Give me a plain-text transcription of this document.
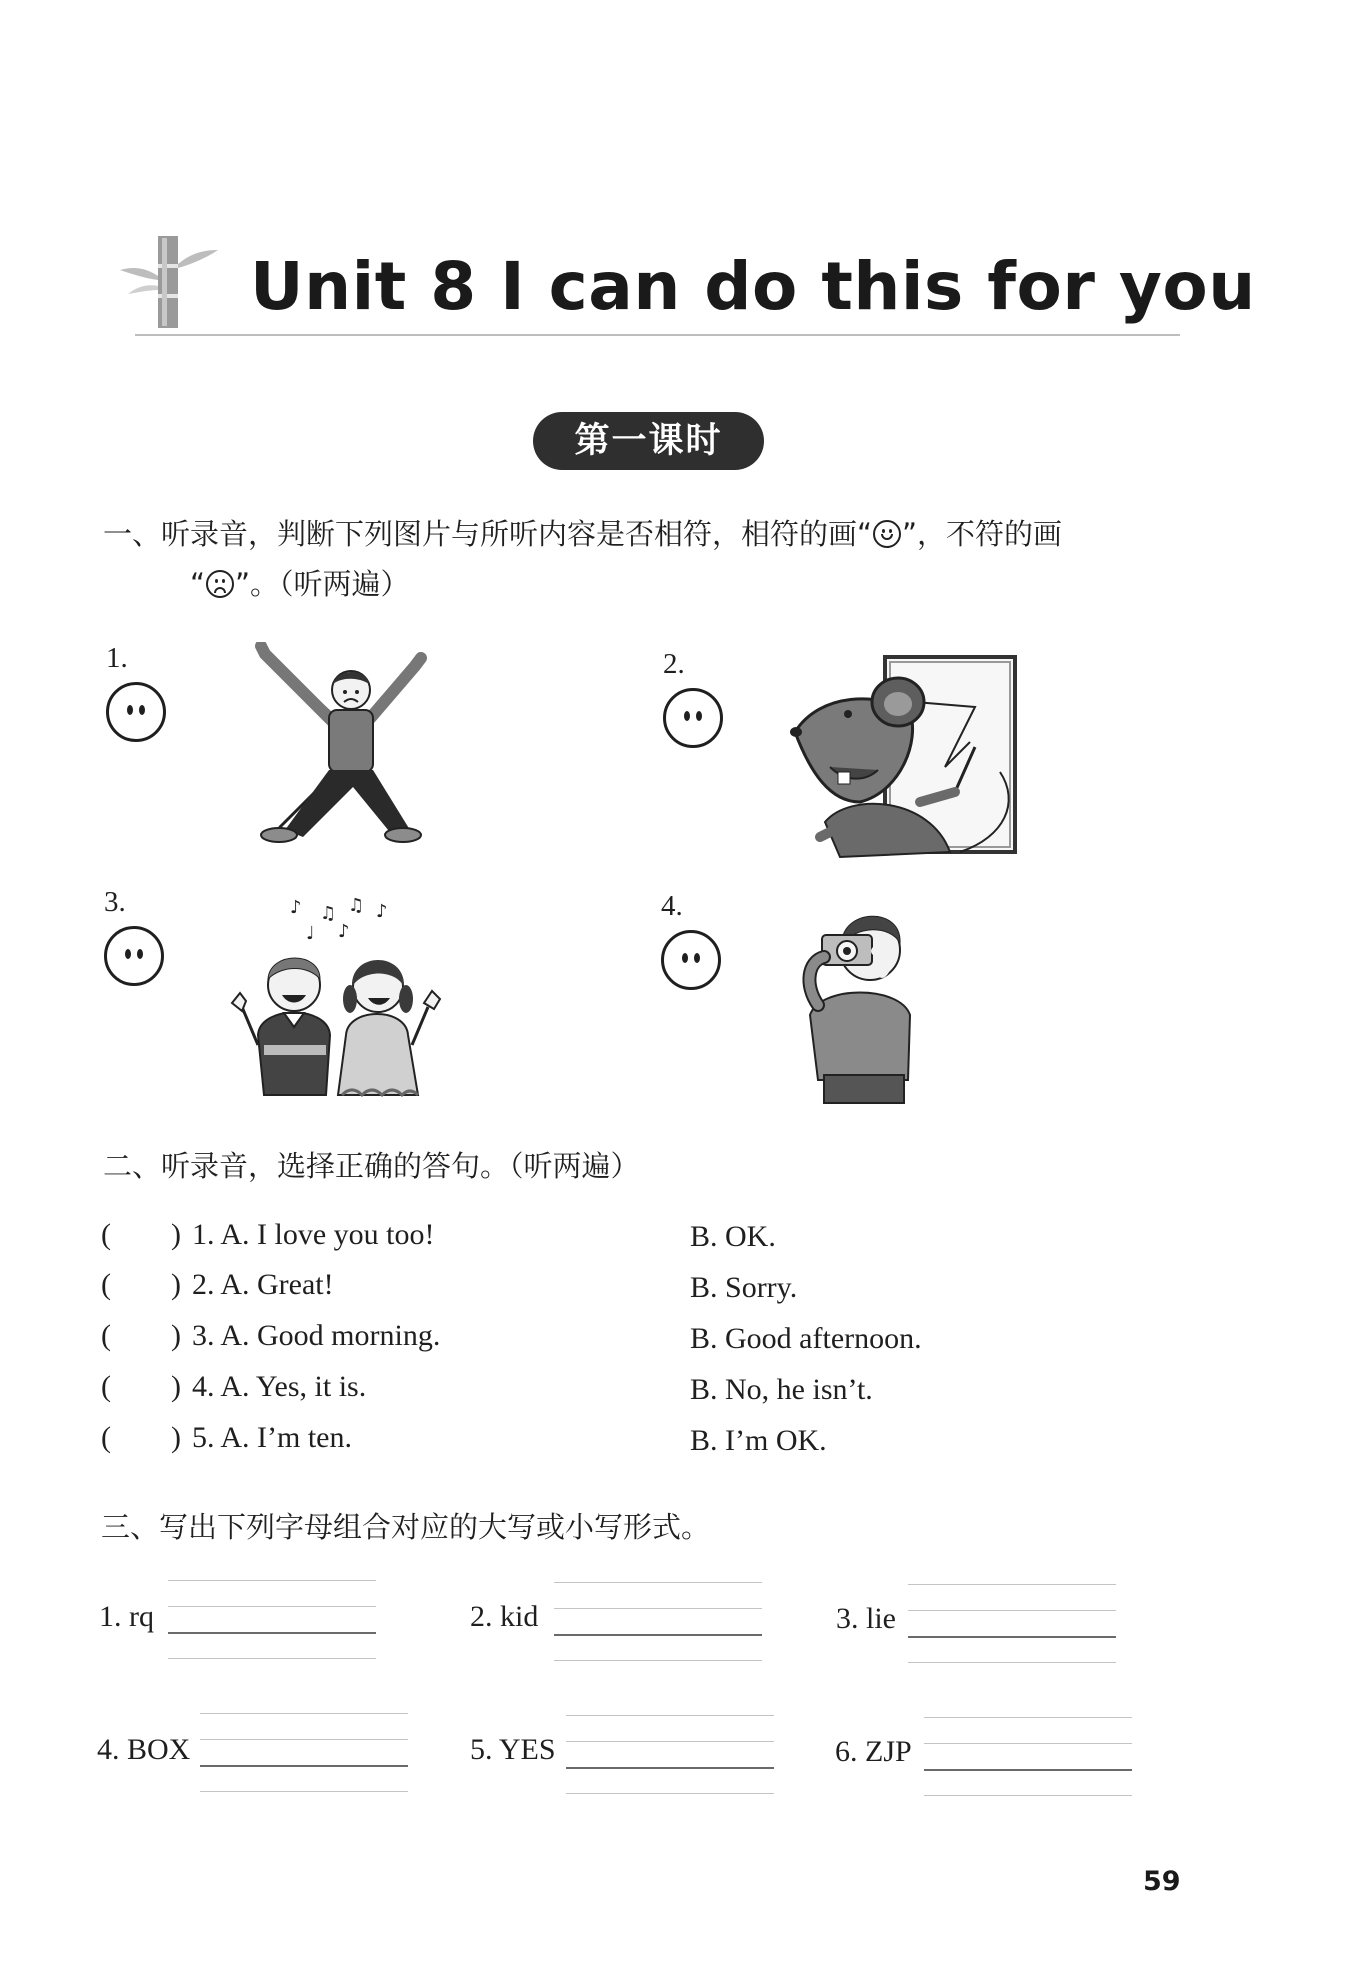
Unit 8 I can do this for you
第一课时
一、听录音，判断下列图片与所听内容是否相符，相符的画“ ”，不符的画
“ ”。（听两遍）
1.	2.
3.	♪ ♫ ♫ ♪
♪
♩
4.
二、听录音，选择正确的答句。（听两遍）
( ) 1. A. I love you too!	B. OK.
( ) 2. A. Great!	B. Sorry.
( ) 3. A. Good morning.	B. Good afternoon.
( ) 4. A. Yes, it is.	B. No, he isn’t.
( ) 5. A. I’m ten.	B. I’m OK.
三、写出下列字母组合对应的大写或小写形式。
1. rq	2. kid	3. lie
4. BOX	5. YES	6. ZJP
59
